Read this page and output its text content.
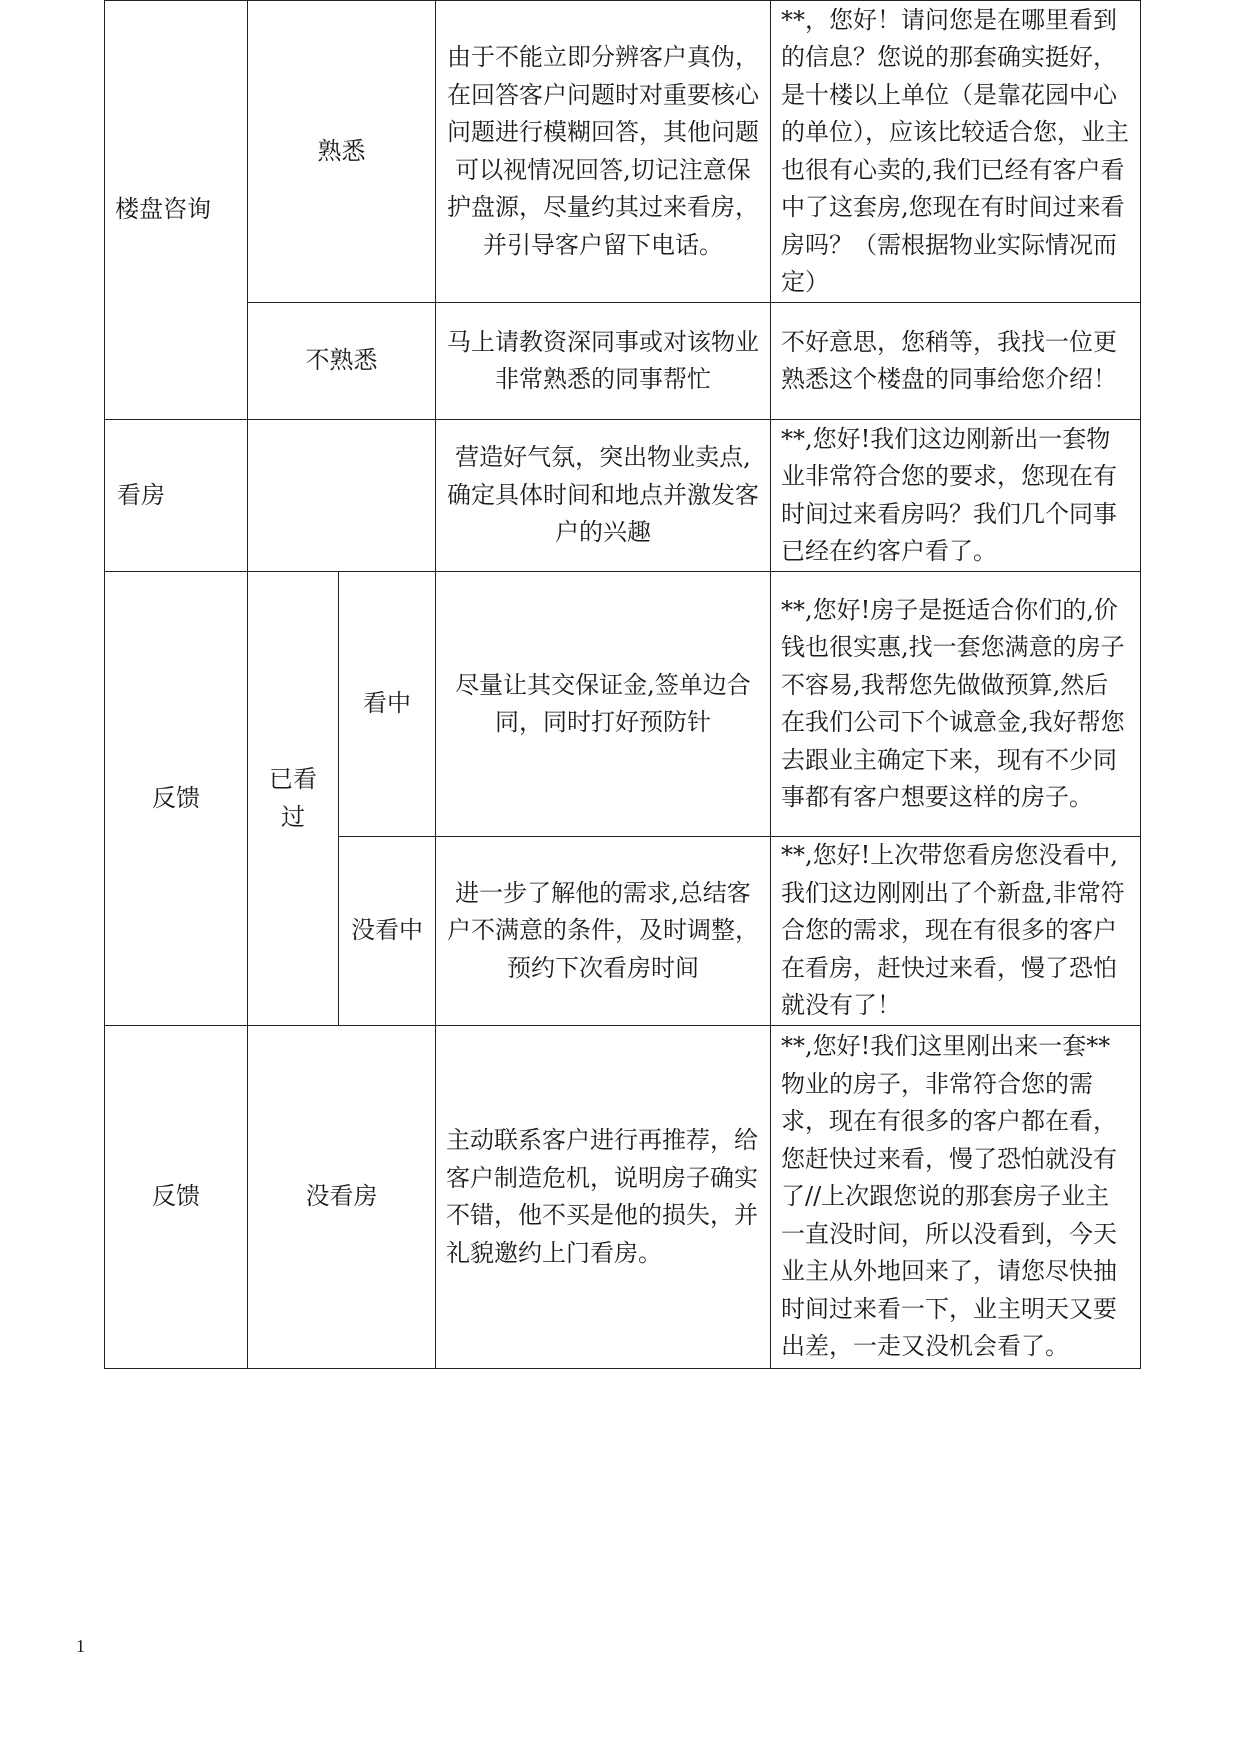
楼盘咨询	熟悉		由于不能立即分辨客户真伪，在回答客户问题时对重要核心问题进行模糊回答，其他问题可以视情况回答,切记注意保护盘源，尽量约其过来看房，并引导客户留下电话。	**，您好！请问您是在哪里看到的信息？您说的那套确实挺好，是十楼以上单位（是靠花园中心的单位），应该比较适合您，业主也很有心卖的,我们已经有客户看中了这套房,您现在有时间过来看房吗？（需根据物业实际情况而定）
	不熟悉		马上请教资深同事或对该物业非常熟悉的同事帮忙	不好意思，您稍等，我找一位更熟悉这个楼盘的同事给您介绍！
看房			营造好气氛，突出物业卖点,确定具体时间和地点并激发客户的兴趣	**,您好!我们这边刚新出一套物业非常符合您的要求，您现在有时间过来看房吗？我们几个同事已经在约客户看了。
反馈	已看过	看中	尽量让其交保证金,签单边合同，同时打好预防针	**,您好!房子是挺适合你们的,价钱也很实惠,找一套您满意的房子不容易,我帮您先做做预算,然后在我们公司下个诚意金,我好帮您去跟业主确定下来，现有不少同事都有客户想要这样的房子。
		没看中	进一步了解他的需求,总结客户不满意的条件，及时调整，预约下次看房时间	**,您好!上次带您看房您没看中,我们这边刚刚出了个新盘,非常符合您的需求，现在有很多的客户在看房，赶快过来看，慢了恐怕就没有了！
反馈	没看房		主动联系客户进行再推荐，给客户制造危机，说明房子确实不错，他不买是他的损失，并礼貌邀约上门看房。	**,您好!我们这里刚出来一套**物业的房子，非常符合您的需求，现在有很多的客户都在看，您赶快过来看，慢了恐怕就没有了//上次跟您说的那套房子业主一直没时间，所以没看到，今天业主从外地回来了，请您尽快抽时间过来看一下，业主明天又要出差，一走又没机会看了。
1
